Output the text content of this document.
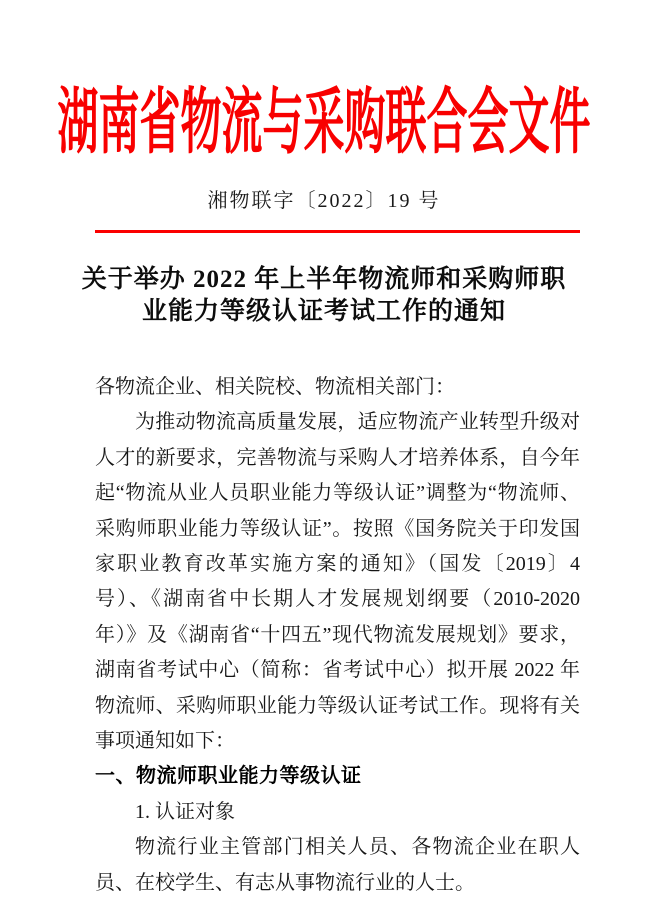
湖南省物流与采购联合会文件
湘物联字〔2022〕19 号
关于举办 2022 年上半年物流师和采购师职
业能力等级认证考试工作的通知

各物流企业、相关院校、物流相关部门：

为推动物流高质量发展，适应物流产业转型升级对人才的新要求，完善物流与采购人才培养体系，自今年起“物流从业人员职业能力等级认证”调整为“物流师、采购师职业能力等级认证”。按照《国务院关于印发国家职业教育改革实施方案的通知》（国发〔2019〕4 号）、《湖南省中长期人才发展规划纲要（2010-2020 年）》及《湖南省“十四五”现代物流发展规划》要求，湖南省考试中心（简称：省考试中心）拟开展 2022 年物流师、采购师职业能力等级认证考试工作。现将有关事项通知如下：

一、物流师职业能力等级认证

1. 认证对象

物流行业主管部门相关人员、各物流企业在职人员、在校学生、有志从事物流行业的人士。
